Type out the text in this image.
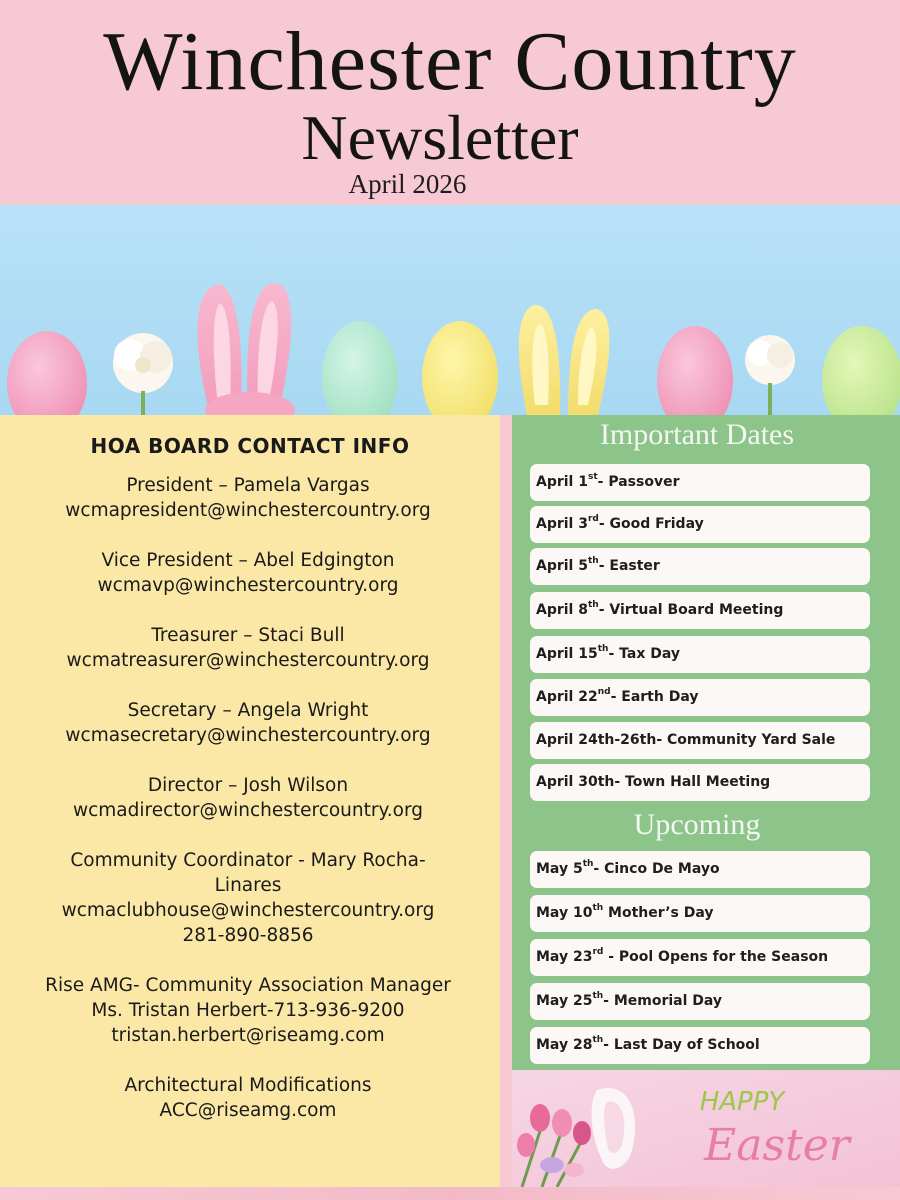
Winchester Country
Newsletter
April 2026
HOA BOARD CONTACT INFO
President – Pamela Vargas
wcmapresident@winchestercountry.org
Vice President – Abel Edgington
wcmavp@winchestercountry.org
Treasurer – Staci Bull
wcmatreasurer@winchestercountry.org
Secretary – Angela Wright
wcmasecretary@winchestercountry.org
Director – Josh Wilson
wcmadirector@winchestercountry.org
Community Coordinator - Mary Rocha-
Linares
wcmaclubhouse@winchestercountry.org
281-890-8856
Rise AMG- Community Association Manager
Ms. Tristan Herbert-713-936-9200
tristan.herbert@riseamg.com
Architectural Modifications
ACC@riseamg.com
Important Dates
April 1st- Passover
April 3rd- Good Friday
April 5th- Easter
April 8th- Virtual Board Meeting
April 15th- Tax Day
April 22nd- Earth Day
April 24th-26th- Community Yard Sale
April 30th- Town Hall Meeting
Upcoming
May 5th- Cinco De Mayo
May 10th Mother’s Day
May 23rd - Pool Opens for the Season
May 25th- Memorial Day
May 28th- Last Day of School
HAPPY
Easter
